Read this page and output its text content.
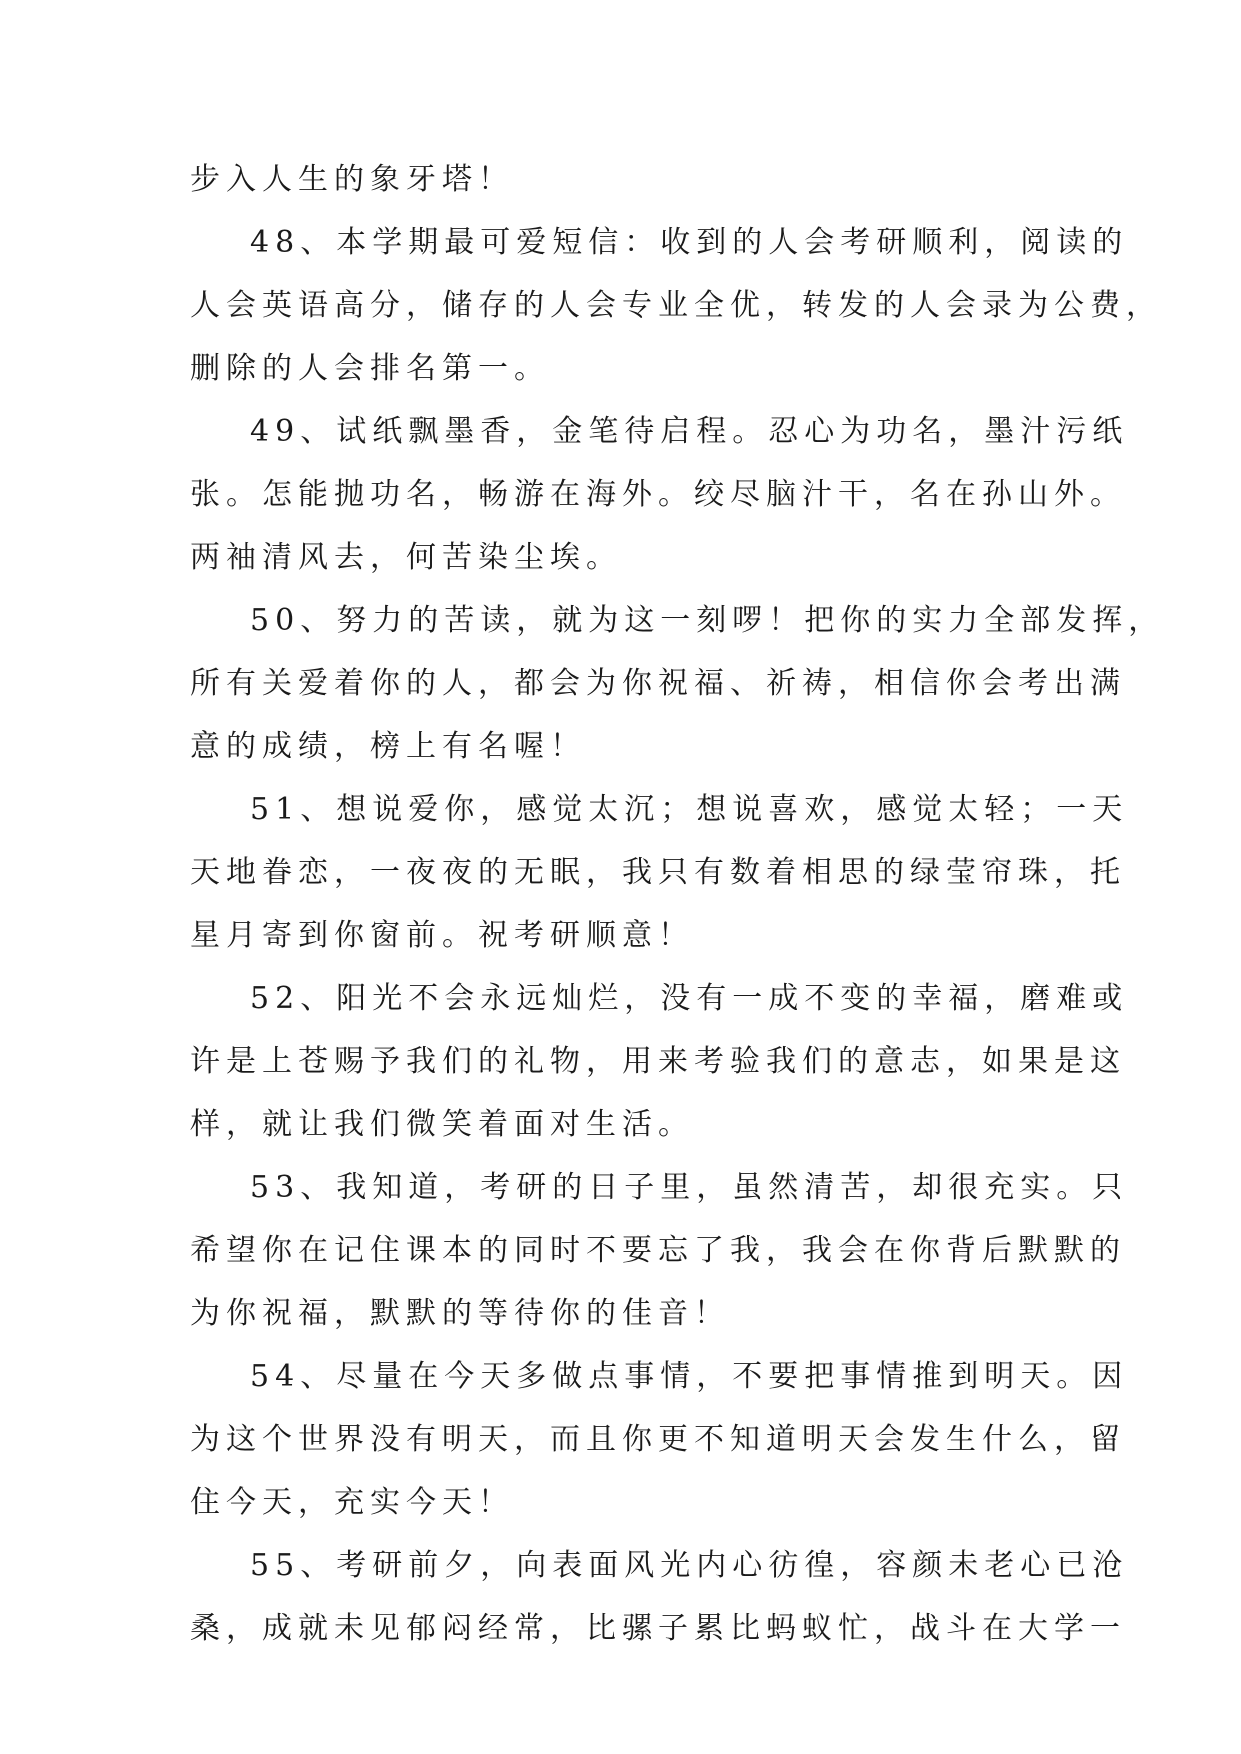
步入人生的象牙塔！
4 8 、 本 学 期 最 可 爱 短 信 ： 收 到 的 人 会 考 研 顺 利 ， 阅 读 的
人 会 英 语 高 分 ， 储 存 的 人 会 专 业 全 优 ， 转 发 的 人 会 录 为 公 费 ，
删除的人会排名第一。
4 9 、 试 纸 飘 墨 香 ， 金 笔 待 启 程 。 忍 心 为 功 名 ， 墨 汁 污 纸
张 。 怎 能 抛 功 名 ， 畅 游 在 海 外 。 绞 尽 脑 汁 干 ， 名 在 孙 山 外 。
两袖清风去，何苦染尘埃。
5 0 、 努 力 的 苦 读 ， 就 为 这 一 刻 啰 ！ 把 你 的 实 力 全 部 发 挥 ，
所 有 关 爱 着 你 的 人 ， 都 会 为 你 祝 福 、 祈 祷 ， 相 信 你 会 考 出 满
意的成绩，榜上有名喔！
5 1 、 想 说 爱 你 ， 感 觉 太 沉 ； 想 说 喜 欢 ， 感 觉 太 轻 ； 一 天
天 地 眷 恋 ， 一 夜 夜 的 无 眠 ， 我 只 有 数 着 相 思 的 绿 莹 帘 珠 ， 托
星月寄到你窗前。祝考研顺意！
5 2 、 阳 光 不 会 永 远 灿 烂 ， 没 有 一 成 不 变 的 幸 福 ， 磨 难 或
许 是 上 苍 赐 予 我 们 的 礼 物 ， 用 来 考 验 我 们 的 意 志 ， 如 果 是 这
样，就让我们微笑着面对生活。
5 3 、 我 知 道 ， 考 研 的 日 子 里 ， 虽 然 清 苦 ， 却 很 充 实 。 只
希 望 你 在 记 住 课 本 的 同 时 不 要 忘 了 我 ， 我 会 在 你 背 后 默 默 的
为你祝福，默默的等待你的佳音！
5 4 、 尽 量 在 今 天 多 做 点 事 情 ， 不 要 把 事 情 推 到 明 天 。 因
为 这 个 世 界 没 有 明 天 ， 而 且 你 更 不 知 道 明 天 会 发 生 什 么 ， 留
住今天，充实今天！
5 5 、 考 研 前 夕 ， 向 表 面 风 光 内 心 彷 徨 ， 容 颜 未 老 心 已 沧
桑 ， 成 就 未 见 郁 闷 经 常 ， 比 骡 子 累 比 蚂 蚁 忙 ， 战 斗 在 大 学 一
